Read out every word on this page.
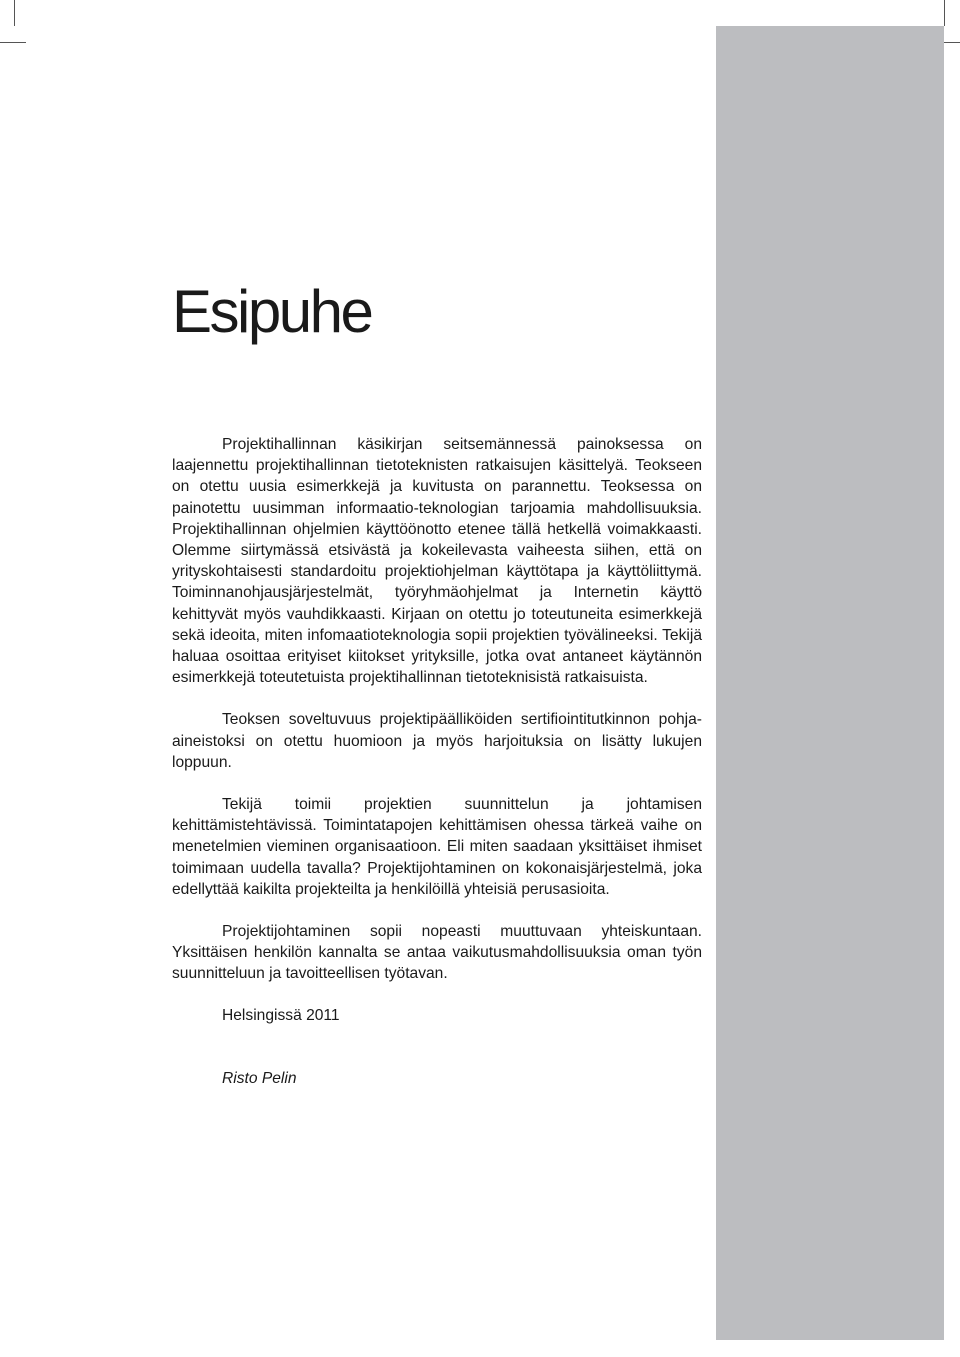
Esipuhe

Projektihallinnan käsikirjan seitsemännessä painoksessa on laajennettu projektihallinnan tietoteknisten ratkaisujen käsittelyä. Teokseen on otettu uusia esimerkkejä ja kuvitusta on parannettu. Teoksessa on painotettu uusimman informaatio-teknologian tarjoamia mahdollisuuksia. Projektihallinnan ohjelmien käyttöönotto etenee tällä hetkellä voimakkaasti. Olemme siirtymässä etsivästä ja kokeilevasta vaiheesta siihen, että on yrityskohtaisesti standardoitu projektiohjelman käyttötapa ja käyttöliittymä. Toiminnanohjausjärjestelmät, työryhmäohjelmat ja Internetin käyttö kehittyvät myös vauhdikkaasti. Kirjaan on otettu jo toteutuneita esimerkkejä sekä ideoita, miten infomaatioteknologia sopii projektien työvälineeksi. Tekijä haluaa osoittaa erityiset kiitokset yrityksille, jotka ovat antaneet käytännön esimerkkejä toteutetuista projektihallinnan tietoteknisistä ratkaisuista.

Teoksen soveltuvuus projektipäälliköiden sertifiointitutkinnon pohja-aineistoksi on otettu huomioon ja myös harjoituksia on lisätty lukujen loppuun.

Tekijä toimii projektien suunnittelun ja johtamisen kehittämistehtävissä. Toimintatapojen kehittämisen ohessa tärkeä vaihe on menetelmien vieminen organisaatioon. Eli miten saadaan yksittäiset ihmiset toimimaan uudella tavalla? Projektijohtaminen on kokonaisjärjestelmä, joka edellyttää kaikilta projekteilta ja henkilöillä yhteisiä perusasioita.

Projektijohtaminen sopii nopeasti muuttuvaan yhteiskuntaan. Yksittäisen henkilön kannalta se antaa vaikutusmahdollisuuksia oman työn suunnitteluun ja tavoitteellisen työtavan.

Helsingissä 2011

Risto Pelin
